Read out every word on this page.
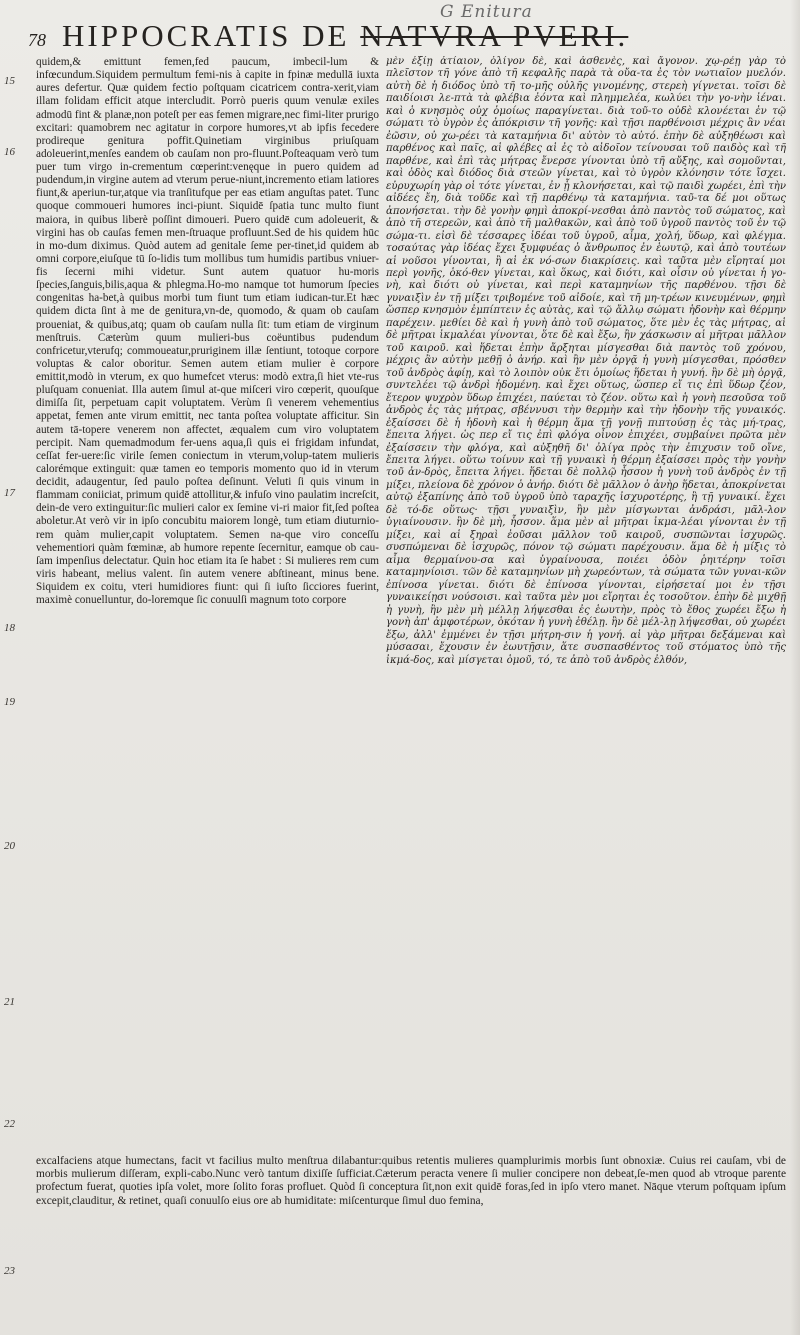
G Enitura
78 HIPPOCRATIS DE NATVRA PVERI.
15
16
17
18
19
20
21
22
23

quidem,& emittunt femen,fed paucum, imbecil-lum & infœcundum.Siquidem permultum femi-nis à capite in fpinæ medullā iuxta aures defertur. Quæ quidem fectio poſtquam cicatricem contra-xerit,viam illam folidam efficit atque intercludit. Porrò pueris quum venulæ exiles admodū fint & planæ,non poteſt per eas femen migrare,nec fimi-liter prurigo excitari: quamobrem nec agitatur in corpore humores,vt ab ipfis fecedere prodireque genitura poffit.Quinetiam virginibus priuſquam adoleuerint,menſes eandem ob cauſam non pro-fluunt.Poſteaquam verò tum puer tum virgo in-crementum cœperint:venęque in puero quidem ad pudendum,in virgine autem ad vterum perue-niunt,incremento etiam latiores fiunt,& aperiun-tur,atque via tranſitufque per eas etiam anguſtas patet. Tunc quoque commoueri humores inci-piunt. Siquidē ſpatia tunc multo fiunt maiora, in quibus liberè poſſint dimoueri. Puero quidē cum adoleuerit, & virgini has ob cauſas femen men-ſtruaque profluunt.Sed de his quidem hūc in mo-dum diximus. Quòd autem ad genitale ſeme per-tinet,id quidem ab omni corpore,eiuſque tū ſo-lidis tum mollibus tum humidis partibus vniuer-fis ſecerni mihi videtur. Sunt autem quatuor hu-moris ſpecies,ſanguis,bilis,aqua & phlegma.Ho-mo namque tot humorum ſpecies congenitas ha-bet,à quibus morbi tum fiunt tum etiam iudican-tur.Et hæc quidem dicta ſint à me de genitura,vn-de, quomodo, & quam ob cauſam proueniat, & quibus,atq; quam ob cauſam nulla ſit: tum etiam de virginum menſtruis. Cæterùm quum mulieri-bus coëuntibus pudendum confricetur,vterufq; commoueatur,pruriginem illæ ſentiunt, totoque corpore voluptas & calor oboritur. Semen autem etiam mulier è corpore emittit,modò in vterum, ex quo humefcet vterus: modò extra,ſi hiet vte-rus pluſquam conueniat. Illa autem ſimul at-que miſceri viro cœperit, quouſque dimiſſa ſit, perpetuam capit voluptatem. Verùm ſi venerem vehementius appetat, femen ante virum emittit, nec tanta poſtea voluptate afficitur. Sin autem tā-topere venerem non affectet, æqualem cum viro voluptatem percipit. Nam quemadmodum fer-uens aqua,ſi quis ei frigidam infundat, ceſſat fer-uere:ſic virile ſemen coniectum in vterum,volup-tatem mulieris calorémque extinguit: quæ tamen eo temporis momento quo id in vterum decidit, adaugentur, ſed paulo poſtea deſinunt. Veluti ſi quis vinum in flammam coniiciat, primum quidē attollitur,& infuſo vino paulatim increſcit, dein-de vero extinguitur:ſic mulieri calor ex ſemine vi-ri maior fit,ſed poſtea aboletur.At verò vir in ipſo concubitu maiorem longè, tum etiam diuturnio-rem quàm mulier,capit voluptatem. Semen na-que viro conceſſu vehementiori quàm fœminæ, ab humore repente ſecernitur, eamque ob cau-ſam impenſius delectatur. Quin hoc etiam ita ſe habet : Si mulieres rem cum viris habeant, melius valent. ſin autem venere abſtineant, minus bene. Siquidem ex coitu, vteri humidiores fiunt: qui ſi iuſto ſicciores fuerint, maximè conuelluntur, do-loremque ſic conuulſi magnum toto corpore

μὲν ἐξίῃ ἀτίαιον, ὀλίγον δὲ, καὶ ἀσθενὲς, καὶ ἄγονον. χῳ-ρέῃ γὰρ τὸ πλεῖστον τῆ γόνε ἀπὸ τῆ κεφαλῆς παρὰ τὰ οὔα-τα ἐς τὸν νωτιαῖον μυελόν. αὐτὴ δὲ ἡ διόδος ὑπὸ τῆ το-μῆς οὐλῆς γινομένης, στερεὴ γίγνεται. τοῖσι δὲ παιδίοισι λε-πτὰ τὰ φλέβια ἐόντα καὶ πλημμελέα, κωλύει τὴν γο-νὴν ἰέναι. καὶ ὁ κνησμὸς οὐχ ὁμοίως παραγίνεται. διὰ τοῦ-το οὐδὲ κλονέεται ἐν τῷ σώματι τὸ ὑγρὸν ἐς ἀπόκρισιν τῆ γονῆς: καὶ τῇσι παρθένοισι μέχρις ἂν νέαι ἐῶσιν, οὐ χω-ρέει τὰ καταμήνια δι' αὐτὸν τὸ αὐτό. ἐπὴν δὲ αὐξηθέωσι καὶ παρθένος καὶ παῖς, αἱ φλέβες αἱ ἐς τὸ αἰδοῖον τείνουσαι τοῦ παιδὸς καὶ τῆ παρθένε, καὶ ἐπὶ τὰς μήτρας ἔνερσε γίνονται ὑπὸ τῆ αὔξης, καὶ σομοῦνται, καὶ ὁδὸς καὶ διόδος διὰ στεῶν γίνεται, καὶ τὸ ὑγρὸν κλόνησιν τότε ἴσχει. εὐρυχωρίη γὰρ οἱ τότε γίνεται, ἐν ᾗ κλονήσεται, καὶ τῷ παιδὶ χωρέει, ἐπὶ τὴν αἰδέες ἔη, διὰ τοῦδε καὶ τῇ παρθένῳ τὰ καταμήνια. ταῦ-τα δέ μοι οὕτως ἀπονήσεται. τὴν δὲ γονὴν φημὶ ἀποκρί-νεσθαι ἀπὸ παντὸς τοῦ σώματος, καὶ ἀπὸ τῆ στερεῶν, καὶ ἀπὸ τῆ μαλθακῶν, καὶ ἀπὸ τοῦ ὑγροῦ παντὸς τοῦ ἐν τῷ σώμα-τι. εἰσὶ δὲ τέσσαρες ἰδέαι τοῦ ὑγροῦ, αἷμα, χολή, ὕδωρ, καὶ φλέγμα. τοσαύτας γὰρ ἰδέας ἔχει ξυμφυέας ὁ ἄνθρωπος ἐν ἑωυτῷ, καὶ ἀπὸ τουτέων αἱ νοῦσοι γίνονται, ἢ αἱ ἐκ νό-σων διακρίσεις. καὶ ταῦτα μὲν εἴρηταί μοι περὶ γονῆς, ὁκό-θεν γίνεται, καὶ ὅκως, καὶ διότι, καὶ οἷσιν οὐ γίνεται ἡ γο-νὴ, καὶ διότι οὐ γίνεται, καὶ περὶ καταμηνίων τῆς παρθένου. τῇσι δὲ γυναιξὶν ἐν τῇ μίξει τριβομένε τοῦ αἰδοίε, καὶ τῆ μη-τρέων κινευμένων, φημὶ ὥσπερ κνησμὸν ἐμπίπτειν ἐς αὐτὰς, καὶ τῷ ἄλλῳ σώματι ἡδονὴν καὶ θέρμην παρέχειν. μεθίει δὲ καὶ ἡ γυνὴ ἀπὸ τοῦ σώματος, ὅτε μὲν ἐς τὰς μήτρας, αἱ δὲ μῆτραι ἰκμαλέαι γίνονται, ὅτε δὲ καὶ ἔξω, ἢν χάσκωσιν αἱ μῆτραι μᾶλλον τοῦ καιροῦ. καὶ ἥδεται ἐπὴν ἄρξηται μίσγεσθαι διὰ παντὸς τοῦ χρόνου, μέχρις ἂν αὐτὴν μεθῇ ὁ ἀνήρ. καὶ ἢν μὲν ὀργᾷ ἡ γυνὴ μίσγεσθαι, πρόσθεν τοῦ ἀνδρὸς ἀφίῃ, καὶ τὸ λοιπὸν οὐκ ἔτι ὁμοίως ἥδεται ἡ γυνή. ἢν δὲ μὴ ὀργᾷ, συντελέει τῷ ἀνδρὶ ἡδομένη. καὶ ἔχει οὕτως, ὥσπερ εἴ τις ἐπὶ ὕδωρ ζέον, ἕτερον ψυχρὸν ὕδωρ ἐπιχέει, παύεται τὸ ζέον. οὕτω καὶ ἡ γονὴ πεσοῦσα τοῦ ἀνδρὸς ἐς τὰς μήτρας, σβέννυσι τὴν θερμὴν καὶ τὴν ἡδονὴν τῆς γυναικός. ἐξαίσσει δὲ ἡ ἡδονὴ καὶ ἡ θέρμη ἅμα τῇ γονῇ πιπτούσῃ ἐς τὰς μή-τρας, ἔπειτα λήγει. ὡς περ εἴ τις ἐπὶ φλόγα οἶνον ἐπιχέει, συμβαίνει πρῶτα μὲν ἐξαίσσειν τὴν φλόγα, καὶ αὐξηθῆ δι' ὀλίγα πρὸς τὴν ἐπιχυσιν τοῦ οἴνε, ἔπειτα λήγει. οὕτω τοίνυν καὶ τῇ γυναικὶ ἡ θέρμη ἐξαίσσει πρὸς τὴν γονὴν τοῦ ἀν-δρὸς, ἔπειτα λήγει. ἥδεται δὲ πολλῷ ἧσσον ἡ γυνὴ τοῦ ἀνδρὸς ἐν τῇ μίξει, πλείονα δὲ χρόνον ὁ ἀνήρ. διότι δὲ μᾶλλον ὁ ἀνὴρ ἥδεται, ἀποκρίνεται αὐτῷ ἐξαπίνης ἀπὸ τοῦ ὑγροῦ ὑπὸ ταραχῆς ἰσχυροτέρης, ἢ τῇ γυναικί. ἔχει δὲ τό-δε οὕτως· τῇσι γυναιξὶν, ἢν μὲν μίσγωνται ἀνδράσι, μᾶλ-λον ὑγιαίνουσιν. ἢν δὲ μὴ, ἧσσον. ἅμα μὲν αἱ μῆτραι ἰκμα-λέαι γίνονται ἐν τῇ μίξει, καὶ αἱ ξηραὶ ἐοῦσαι μᾶλλον τοῦ καιροῦ, συσπῶνται ἰσχυρῶς. συσπώμεναι δὲ ἰσχυρῶς, πόνον τῷ σώματι παρέχουσιν. ἅμα δὲ ἡ μίξις τὸ αἷμα θερμαίνου-σα καὶ ὑγραίνουσα, ποιέει ὁδὸν ῥηιτέρην τοῖσι καταμηνίοισι. τῶν δὲ καταμηνίων μὴ χωρεόντων, τὰ σώματα τῶν γυναι-κῶν ἐπίνοσα γίνεται. διότι δὲ ἐπίνοσα γίνονται, εἰρήσεταί μοι ἐν τῇσι γυναικείῃσι νούσοισι. καὶ ταῦτα μὲν μοι εἴρηται ἐς τοσοῦτον. ἐπὴν δὲ μιχθῇ ἡ γυνὴ, ἢν μὲν μὴ μέλλῃ λήψεσθαι ἐς ἑωυτὴν, πρὸς τὸ ἔθος χωρέει ἔξω ἡ γονὴ ἀπ' ἀμφοτέρων, ὁκόταν ἡ γυνὴ ἐθέλῃ. ἢν δὲ μέλ-λῃ λήψεσθαι, οὐ χωρέει ἔξω, ἀλλ' ἐμμένει ἐν τῇσι μήτρη-σιν ἡ γονή. αἱ γὰρ μῆτραι δεξάμεναι καὶ μύσασαι, ἔχουσιν ἐν ἑωυτῇσιν, ἅτε συσπασθέντος τοῦ στόματος ὑπὸ τῆς ἰκμά-δος, καὶ μίσγεται ὁμοῦ, τό, τε ἀπὸ τοῦ ἀνδρὸς ἐλθόν,

excalfaciens atque humectans, facit vt facilius multo menſtrua dilabantur:quibus retentis mulieres quamplurimis morbis ſunt obnoxiæ. Cuius rei cauſam, vbi de morbis mulierum diſſeram, expli-cabo.Nunc verò tantum dixiſſe ſufficiat.Cæterum peracta venere ſi mulier concipere non debeat,ſe-men quod ab vtroque parente profectum fuerat, quoties ipſa volet, more ſolito foras profluet. Quòd ſi conceptura ſit,non exit quidē foras,ſed in ipſo vtero manet. Nāque vterum poſtquam ipſum excepit,clauditur, & retinet, quaſi conuulſo eius ore ab humiditate: miſcenturque ſimul duo femina,
